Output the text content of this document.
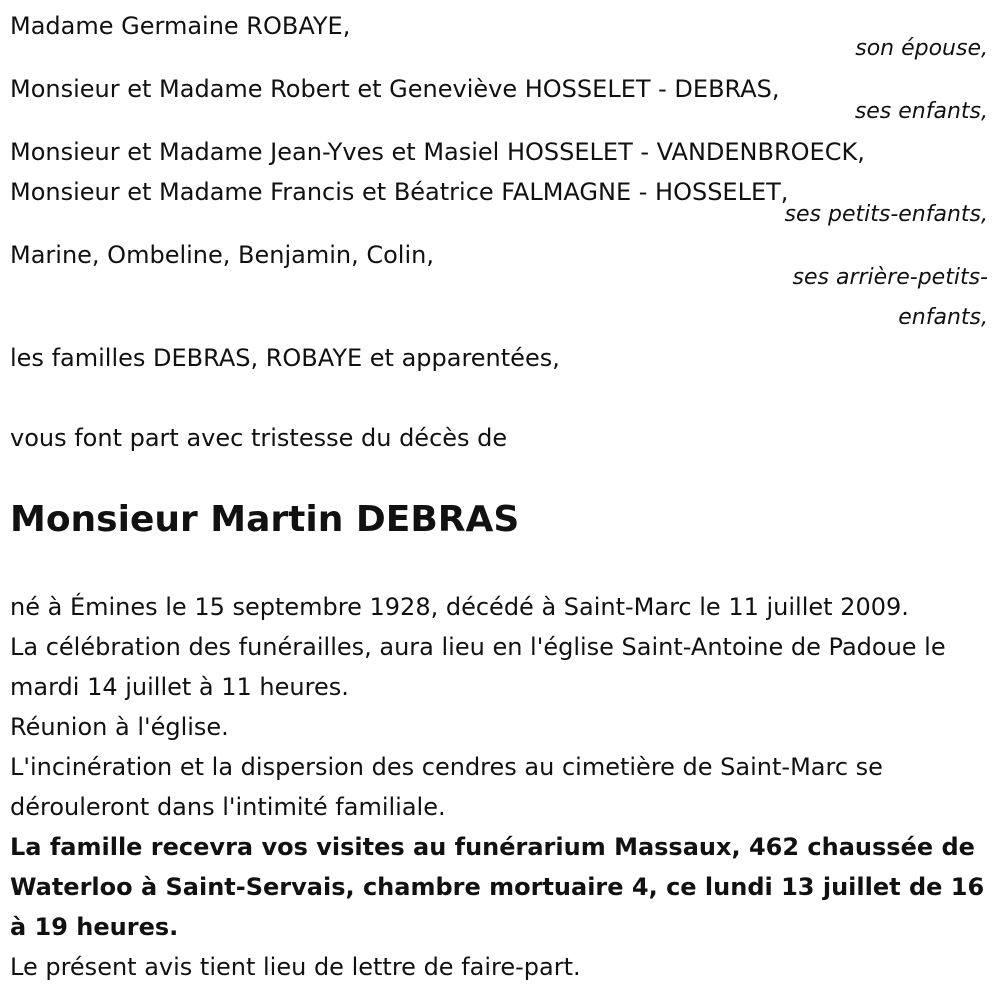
Madame Germaine ROBAYE,
son épouse,
Monsieur et Madame Robert et Geneviève HOSSELET - DEBRAS,
ses enfants,
Monsieur et Madame Jean-Yves et Masiel HOSSELET - VANDENBROECK,
Monsieur et Madame Francis et Béatrice FALMAGNE - HOSSELET,
ses petits-enfants,
Marine, Ombeline, Benjamin, Colin,
ses arrière-petits-
enfants,
les familles DEBRAS, ROBAYE et apparentées,
vous font part avec tristesse du décès de
Monsieur Martin DEBRAS

né à Émines le 15 septembre 1928, décédé à Saint-Marc le 11 juillet 2009.

La célébration des funérailles, aura lieu en l'église Saint-Antoine de Padoue le mardi 14 juillet à 11 heures.

Réunion à l'église.

L'incinération et la dispersion des cendres au cimetière de Saint-Marc se dérouleront dans l'intimité familiale.

La famille recevra vos visites au funérarium Massaux, 462 chaussée de Waterloo à Saint-Servais, chambre mortuaire 4, ce lundi 13 juillet de 16 à 19 heures.

Le présent avis tient lieu de lettre de faire-part.
